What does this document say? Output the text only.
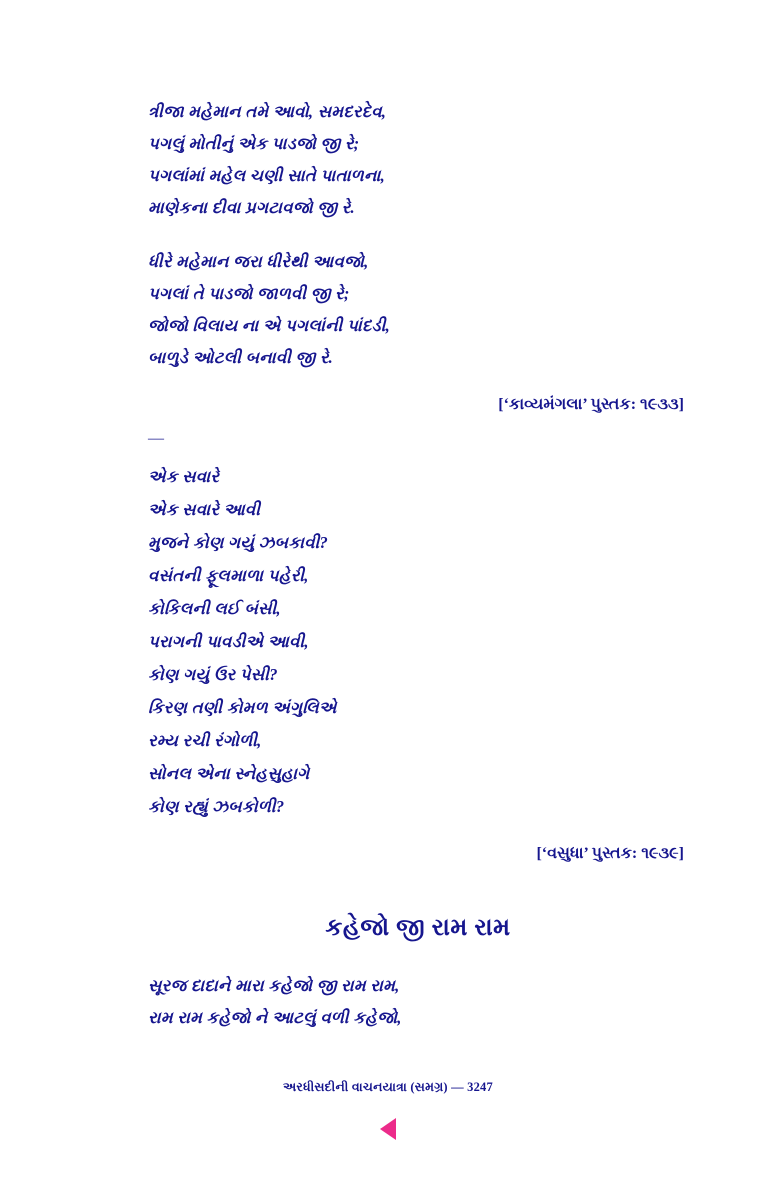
ત્રીજા મહેમાન તમે આવો, સમદરદેવ,
પગલું મોતીનું એક પાડજો જી રે;
પગલાંમાં મહેલ ચણી સાતે પાતાળના,
માણેકના દીવા પ્રગટાવજો જી રે.
ધીરે મહેમાન જરા ધીરેથી આવજો,
પગલાં તે પાડજો જાળવી જી રે;
જોજો વિલાય ના એ પગલાંની પાંદડી,
બાળુડે ઓટલી બનાવી જી રે.
[‘કાવ્યમંગલા’ પુસ્તક: ૧૯૩૩]
—
એક સવારે
એક સવારે આવી
મુજને કોણ ગયું ઝબકાવી?
વસંતની ફૂલમાળા પહેરી,
કોકિલની લઈ બંસી,
પરાગની પાવડીએ આવી,
કોણ ગયું ઉર પેસી?
કિરણ તણી કોમળ અંગુલિએ
રમ્ય રચી રંગોળી,
સોનલ એના સ્નેહસુહાગે
કોણ રહ્યું ઝબકોળી?
[‘વસુધા’ પુસ્તક: ૧૯૩૯]
કહેજો જી રામ રામ
સૂરજ દાદાને મારા કહેજો જી રામ રામ,
રામ રામ કહેજો ને આટલું વળી કહેજો,
અરધીસદીની વાચનયાત્રા (સમગ્ર) — 3247
